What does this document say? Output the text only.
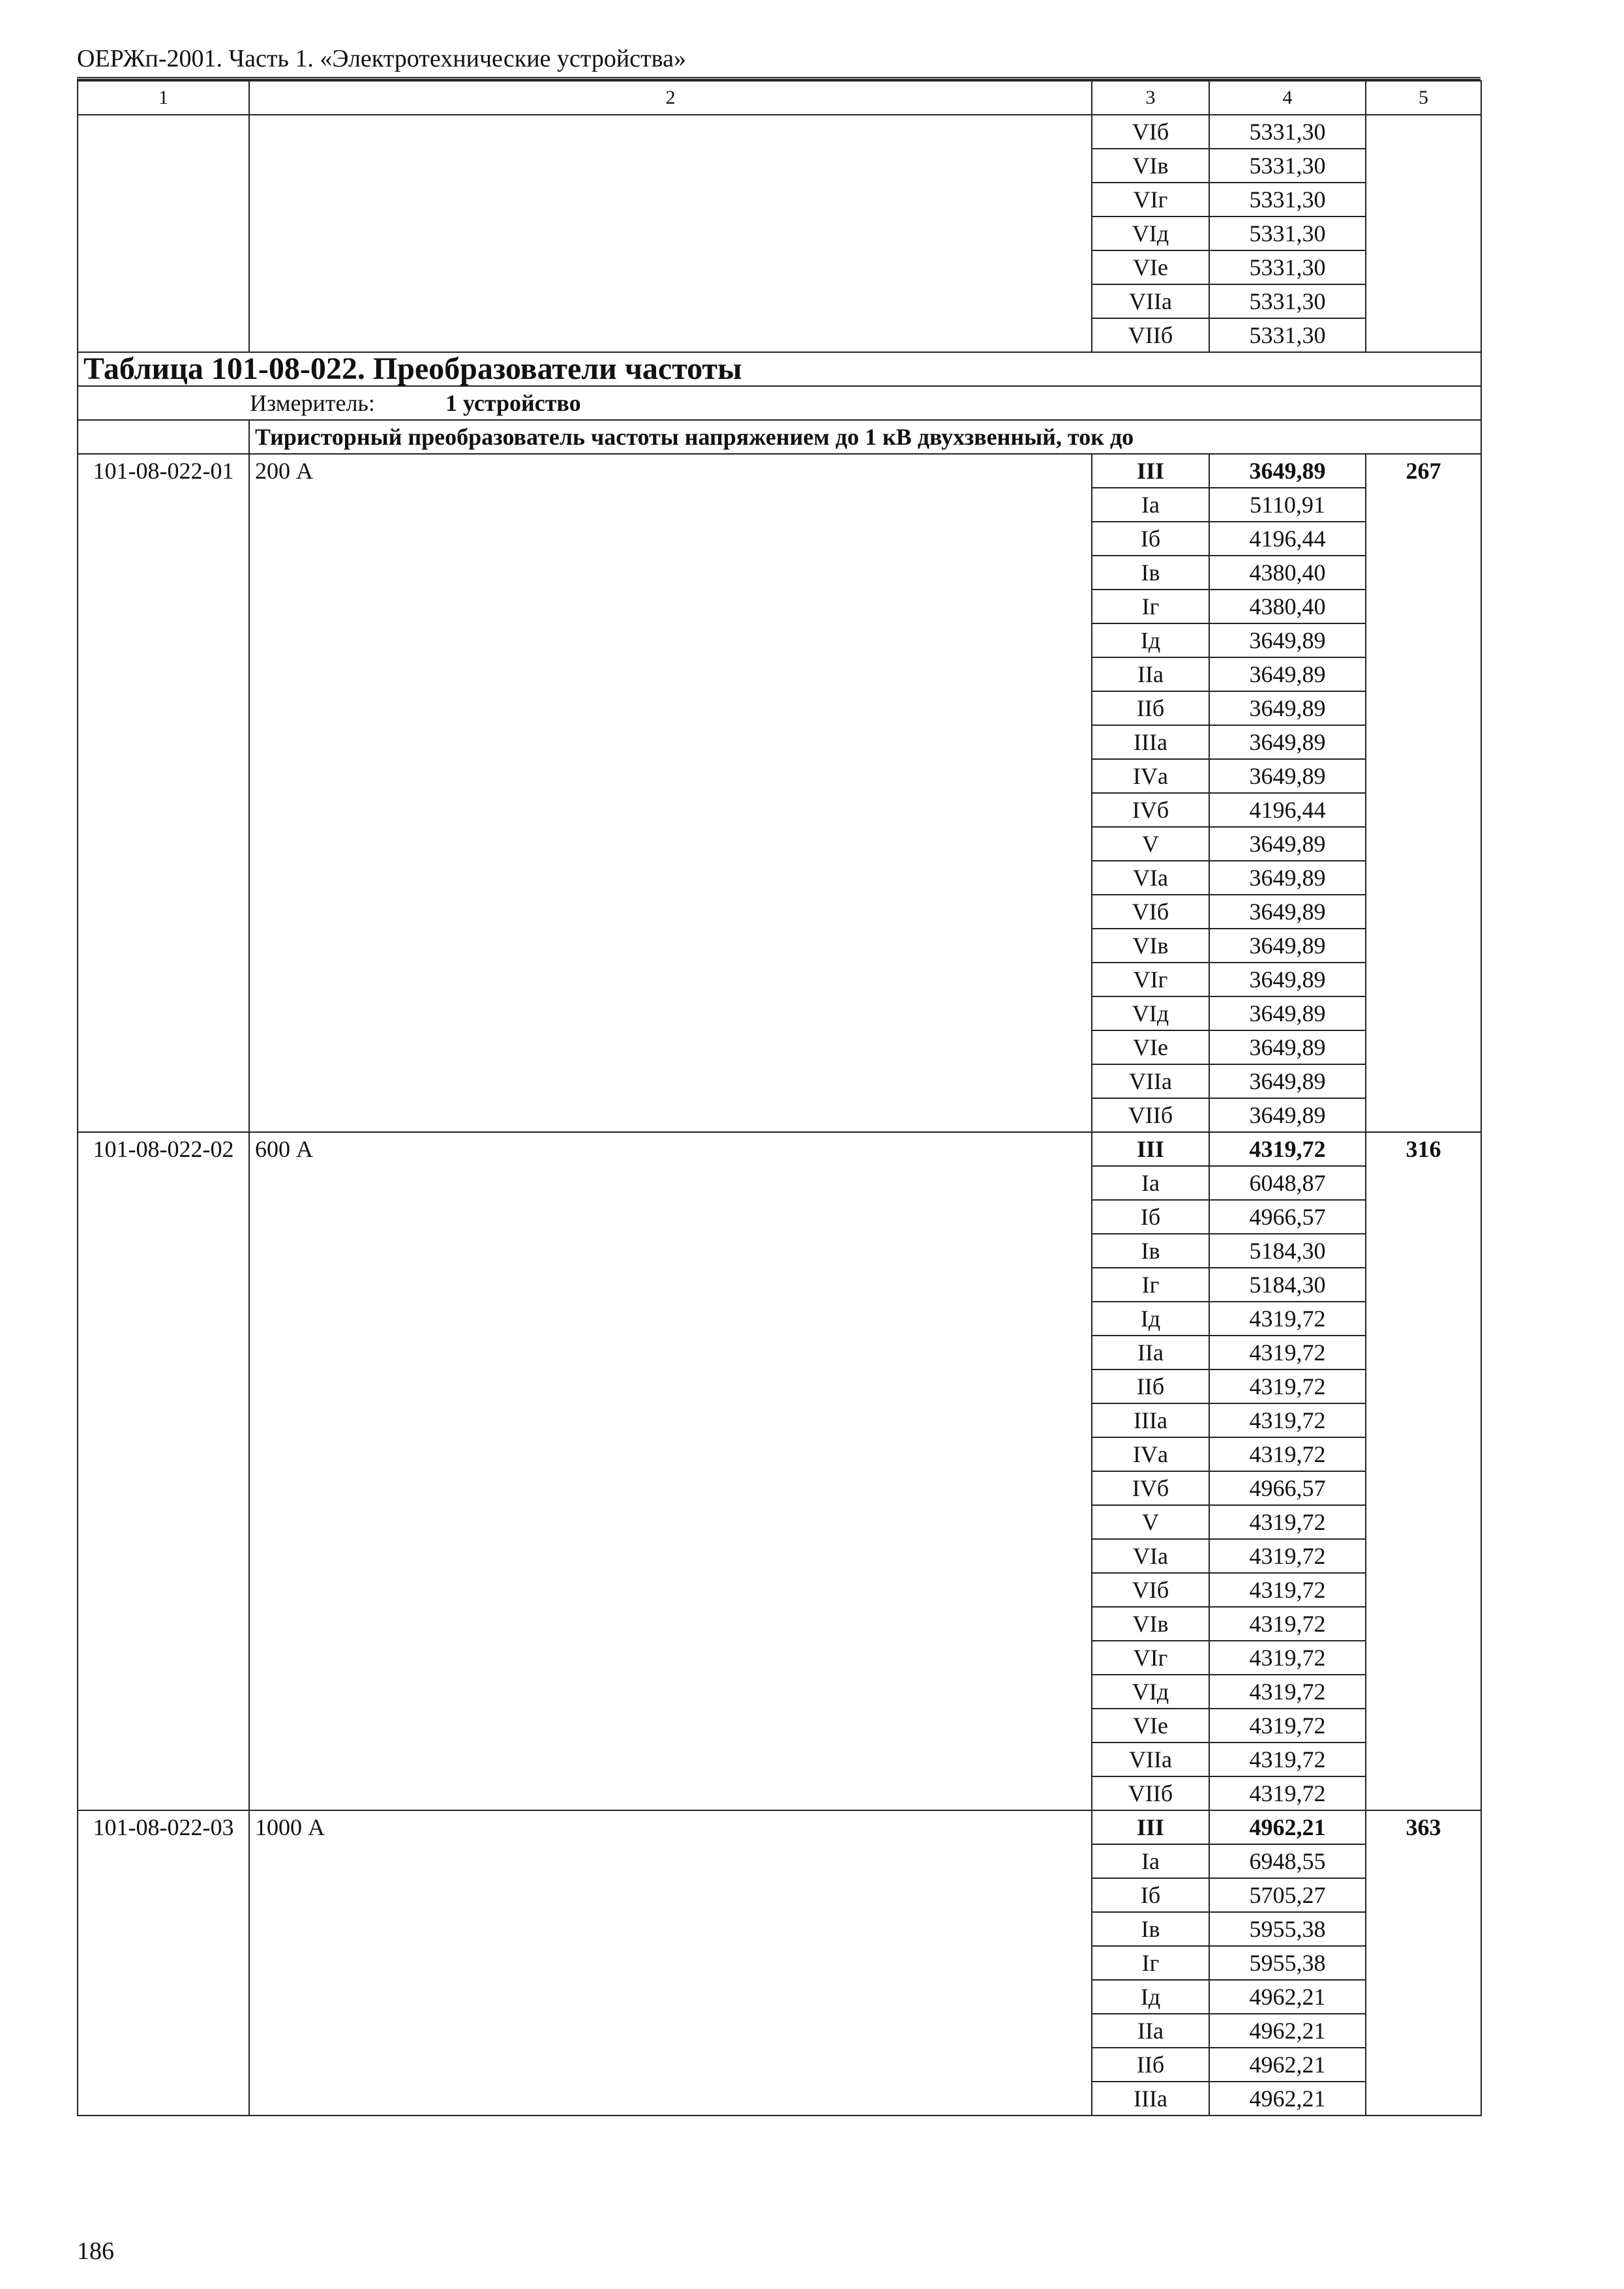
ОЕРЖп-2001. Часть 1. «Электротехнические устройства»
1	2	3	4	5
		VIб	5331,30	
		VIв	5331,30	
		VIг	5331,30	
		VIд	5331,30	
		VIе	5331,30	
		VIIа	5331,30	
		VIIб	5331,30	
Таблица 101-08-022. Преобразователи частоты				
Измеритель: 1 устройство				
	Тиристорный преобразователь частоты напряжением до 1 кВ двухзвенный, ток до			
101-08-022-01	200 А	III	3649,89	267
		Iа	5110,91	
		Iб	4196,44	
		Iв	4380,40	
		Iг	4380,40	
		Iд	3649,89	
		IIа	3649,89	
		IIб	3649,89	
		IIIа	3649,89	
		IVа	3649,89	
		IVб	4196,44	
		V	3649,89	
		VIа	3649,89	
		VIб	3649,89	
		VIв	3649,89	
		VIг	3649,89	
		VIд	3649,89	
		VIе	3649,89	
		VIIа	3649,89	
		VIIб	3649,89	
101-08-022-02	600 А	III	4319,72	316
		Iа	6048,87	
		Iб	4966,57	
		Iв	5184,30	
		Iг	5184,30	
		Iд	4319,72	
		IIа	4319,72	
		IIб	4319,72	
		IIIа	4319,72	
		IVа	4319,72	
		IVб	4966,57	
		V	4319,72	
		VIа	4319,72	
		VIб	4319,72	
		VIв	4319,72	
		VIг	4319,72	
		VIд	4319,72	
		VIе	4319,72	
		VIIа	4319,72	
		VIIб	4319,72	
101-08-022-03	1000 А	III	4962,21	363
		Iа	6948,55	
		Iб	5705,27	
		Iв	5955,38	
		Iг	5955,38	
		Iд	4962,21	
		IIа	4962,21	
		IIб	4962,21	
		IIIа	4962,21	
186
